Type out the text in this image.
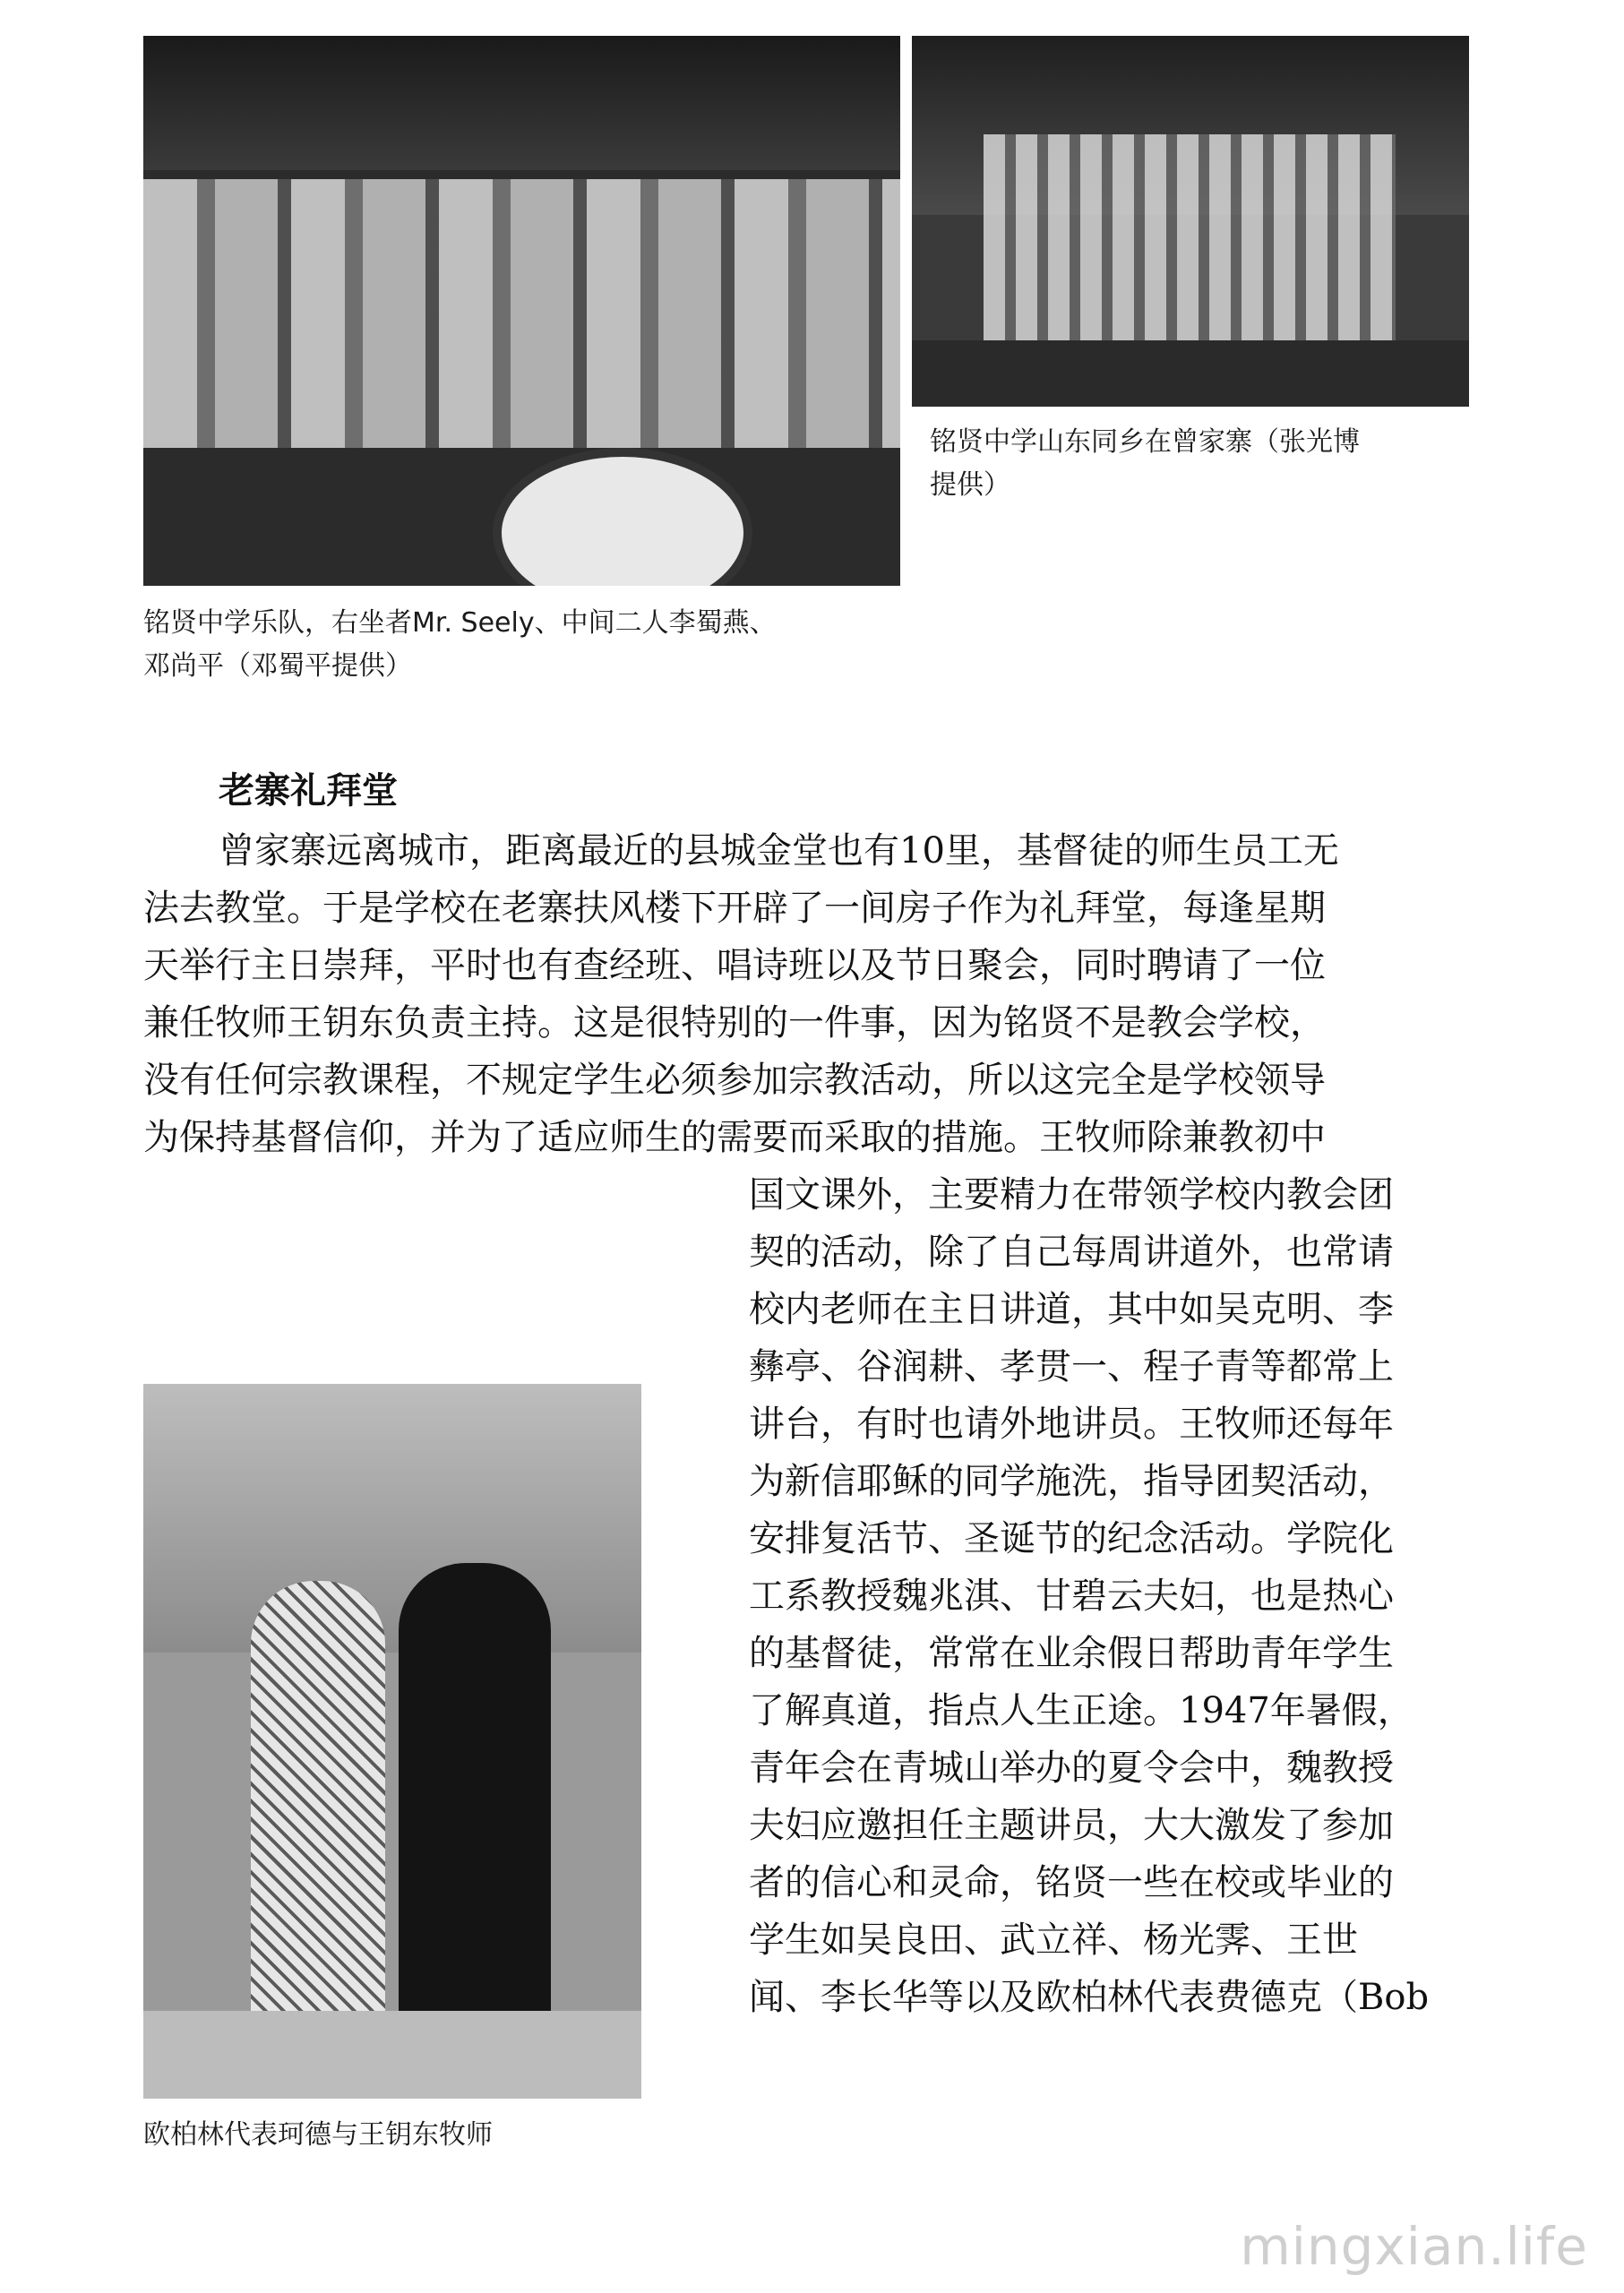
铭贤中学乐队，右坐者Mr. Seely、中间二人李蜀燕、
邓尚平（邓蜀平提供）
铭贤中学山东同乡在曾家寨（张光博
提供）
老寨礼拜堂
曾家寨远离城市，距离最近的县城金堂也有10里，基督徒的师生员工无
法去教堂。于是学校在老寨扶风楼下开辟了一间房子作为礼拜堂，每逢星期
天举行主日崇拜，平时也有查经班、唱诗班以及节日聚会，同时聘请了一位
兼任牧师王钥东负责主持。这是很特别的一件事，因为铭贤不是教会学校，
没有任何宗教课程，不规定学生必须参加宗教活动，所以这完全是学校领导
为保持基督信仰，并为了适应师生的需要而采取的措施。王牧师除兼教初中
欧柏林代表珂德与王钥东牧师
国文课外，主要精力在带领学校内教会团
契的活动，除了自己每周讲道外，也常请
校内老师在主日讲道，其中如吴克明、李
彝亭、谷润耕、孝贯一、程子青等都常上
讲台，有时也请外地讲员。王牧师还每年
为新信耶稣的同学施洗，指导团契活动，
安排复活节、圣诞节的纪念活动。学院化
工系教授魏兆淇、甘碧云夫妇，也是热心
的基督徒，常常在业余假日帮助青年学生
了解真道，指点人生正途。1947年暑假，
青年会在青城山举办的夏令会中，魏教授
夫妇应邀担任主题讲员，大大激发了参加
者的信心和灵命，铭贤一些在校或毕业的
学生如吴良田、武立祥、杨光霁、王世
闻、李长华等以及欧柏林代表费德克（Bob
mingxian.life
